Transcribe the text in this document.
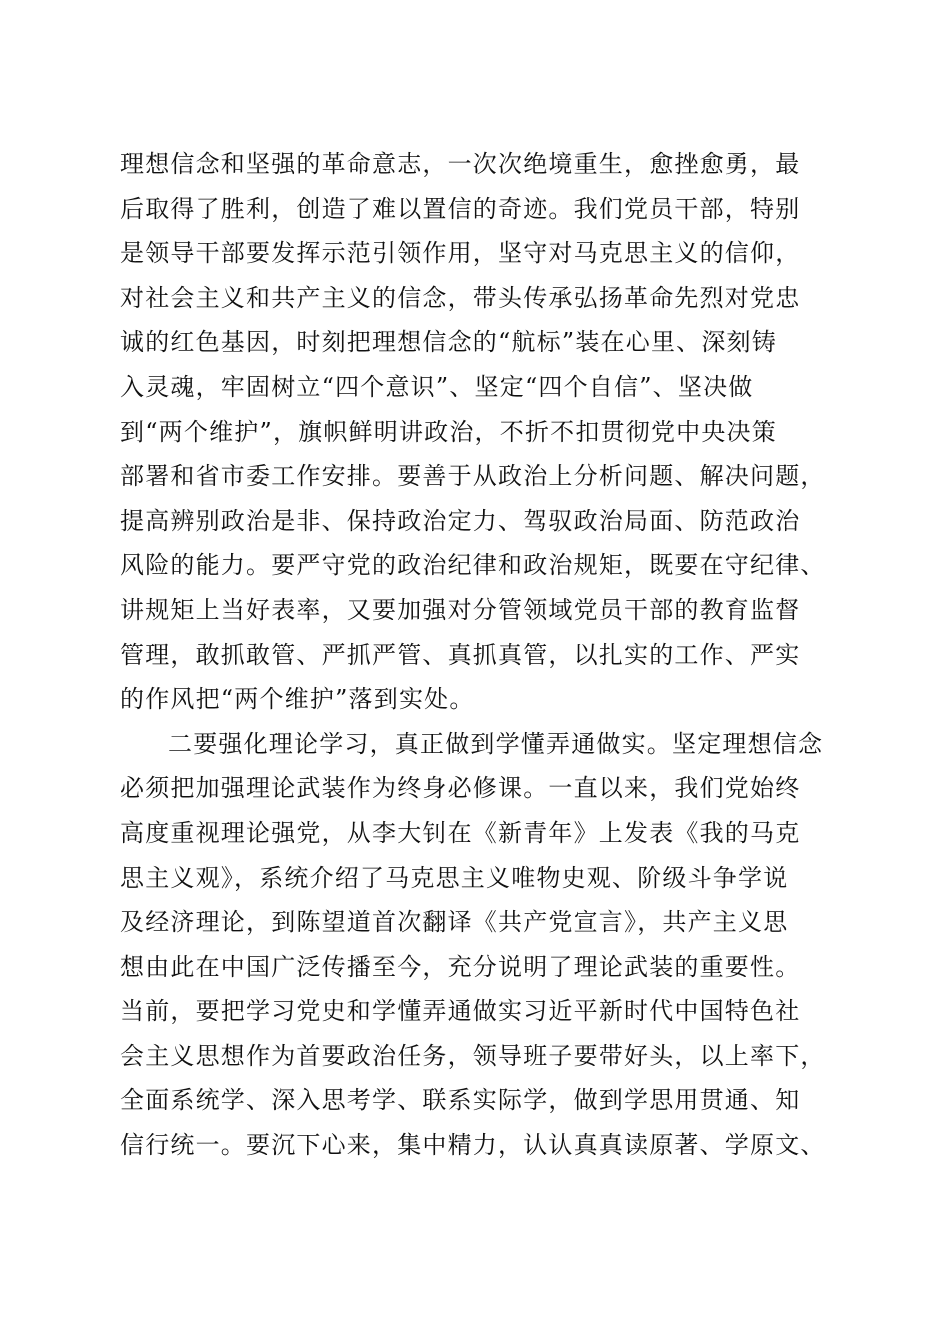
理想信念和坚强的革命意志，一次次绝境重生，愈挫愈勇，最
后取得了胜利，创造了难以置信的奇迹。我们党员干部，特别
是领导干部要发挥示范引领作用，坚守对马克思主义的信仰，
对社会主义和共产主义的信念，带头传承弘扬革命先烈对党忠
诚的红色基因，时刻把理想信念的“航标”装在心里、深刻铸
入灵魂，牢固树立“四个意识”、坚定“四个自信”、坚决做
到“两个维护”，旗帜鲜明讲政治，不折不扣贯彻党中央决策
部署和省市委工作安排。要善于从政治上分析问题、解决问题，
提高辨别政治是非、保持政治定力、驾驭政治局面、防范政治
风险的能力。要严守党的政治纪律和政治规矩，既要在守纪律、
讲规矩上当好表率，又要加强对分管领域党员干部的教育监督
管理，敢抓敢管、严抓严管、真抓真管，以扎实的工作、严实
的作风把“两个维护”落到实处。
二要强化理论学习，真正做到学懂弄通做实。坚定理想信念
必须把加强理论武装作为终身必修课。一直以来，我们党始终
高度重视理论强党，从李大钊在《新青年》上发表《我的马克
思主义观》，系统介绍了马克思主义唯物史观、阶级斗争学说
及经济理论，到陈望道首次翻译《共产党宣言》，共产主义思
想由此在中国广泛传播至今，充分说明了理论武装的重要性。
当前，要把学习党史和学懂弄通做实习近平新时代中国特色社
会主义思想作为首要政治任务，领导班子要带好头，以上率下，
全面系统学、深入思考学、联系实际学，做到学思用贯通、知
信行统一。要沉下心来，集中精力，认认真真读原著、学原文、
